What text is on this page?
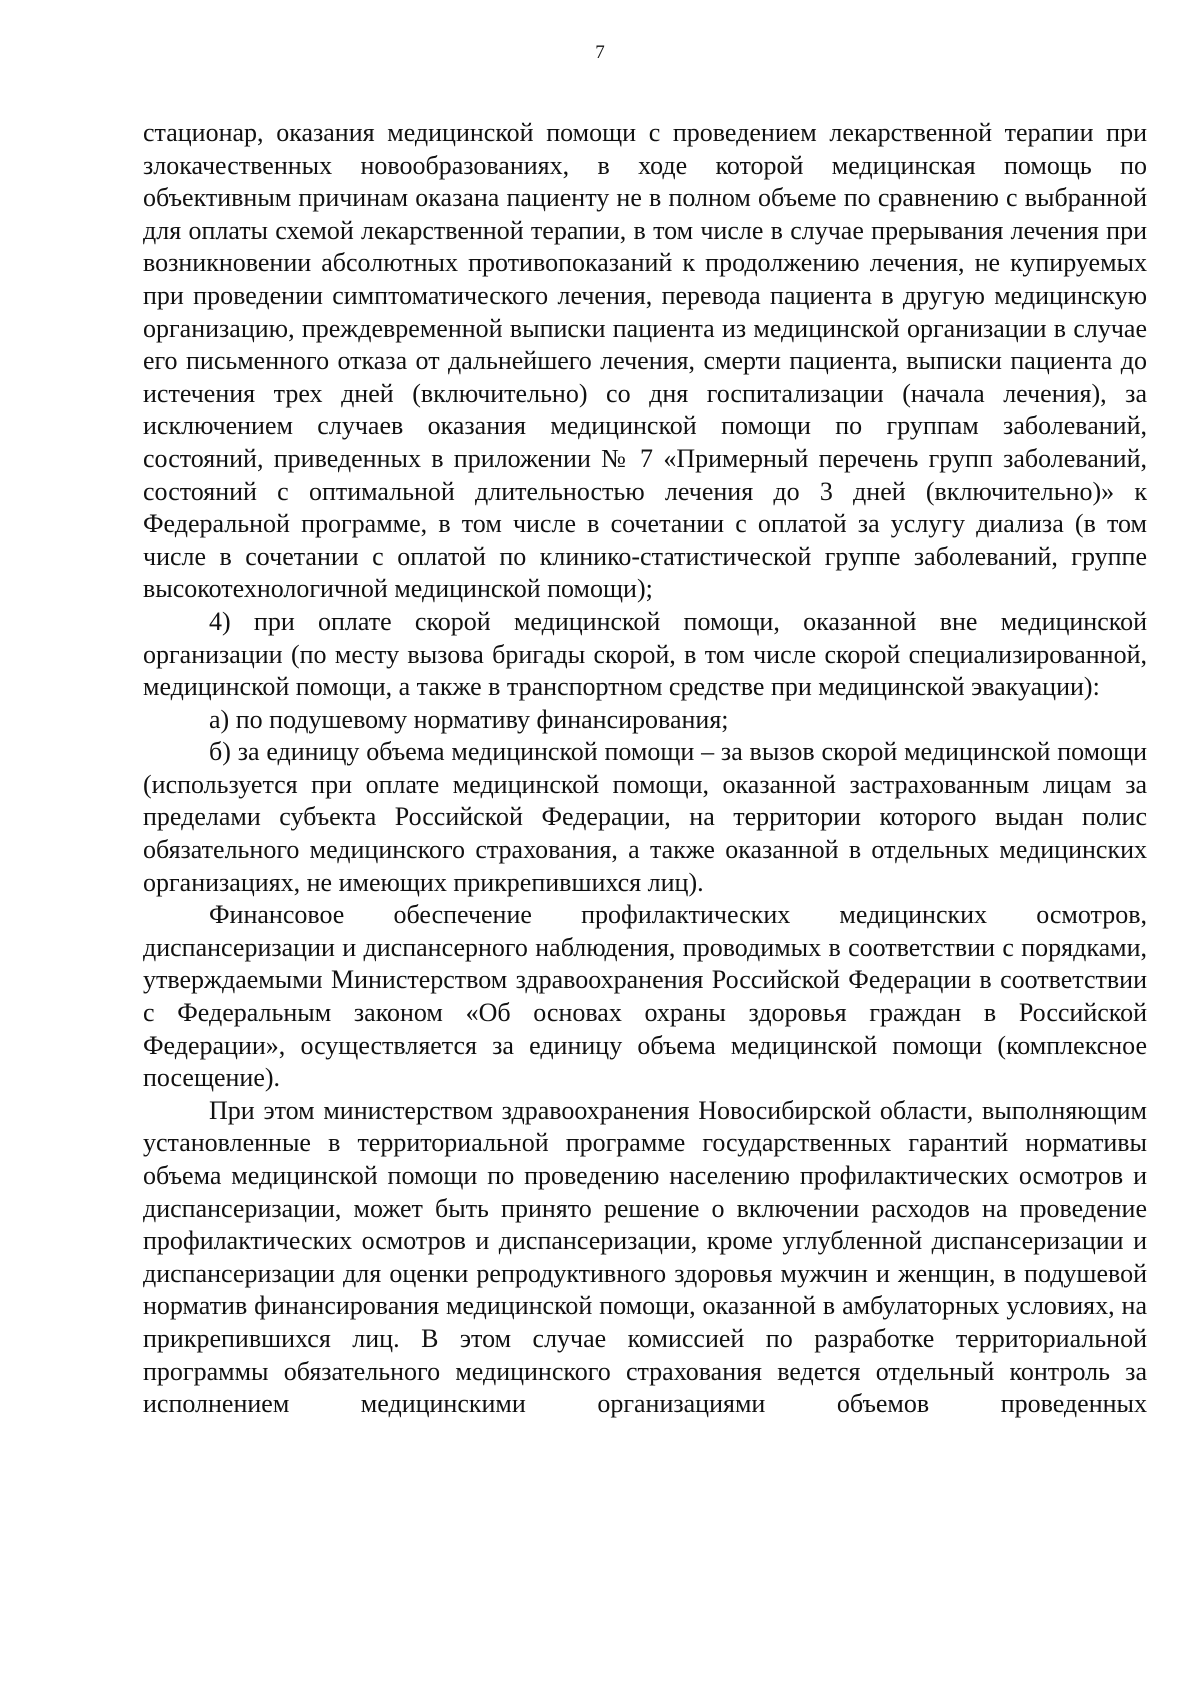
7

стационар, оказания медицинской помощи с проведением лекарственной терапии при злокачественных новообразованиях, в ходе которой медицинская помощь по объективным причинам оказана пациенту не в полном объеме по сравнению с выбранной для оплаты схемой лекарственной терапии, в том числе в случае прерывания лечения при возникновении абсолютных противопоказаний к продолжению лечения, не купируемых при проведении симптоматического лечения, перевода пациента в другую медицинскую организацию, преждевременной выписки пациента из медицинской организации в случае его письменного отказа от дальнейшего лечения, смерти пациента, выписки пациента до истечения трех дней (включительно) со дня госпитализации (начала лечения), за исключением случаев оказания медицинской помощи по группам заболеваний, состояний, приведенных в приложении № 7 «Примерный перечень групп заболеваний, состояний с оптимальной длительностью лечения до 3 дней (включительно)» к Федеральной программе, в том числе в сочетании с оплатой за услугу диализа (в том числе в сочетании с оплатой по клинико-статистической группе заболеваний, группе высокотехнологичной медицинской помощи);

4) при оплате скорой медицинской помощи, оказанной вне медицинской организации (по месту вызова бригады скорой, в том числе скорой специализированной, медицинской помощи, а также в транспортном средстве при медицинской эвакуации):

а) по подушевому нормативу финансирования;

б) за единицу объема медицинской помощи – за вызов скорой медицинской помощи (используется при оплате медицинской помощи, оказанной застрахованным лицам за пределами субъекта Российской Федерации, на территории которого выдан полис обязательного медицинского страхования, а также оказанной в отдельных медицинских организациях, не имеющих прикрепившихся лиц).

Финансовое обеспечение профилактических медицинских осмотров, диспансеризации и диспансерного наблюдения, проводимых в соответствии с порядками, утверждаемыми Министерством здравоохранения Российской Федерации в соответствии с Федеральным законом «Об основах охраны здоровья граждан в Российской Федерации», осуществляется за единицу объема медицинской помощи (комплексное посещение).

При этом министерством здравоохранения Новосибирской области, выполняющим установленные в территориальной программе государственных гарантий нормативы объема медицинской помощи по проведению населению профилактических осмотров и диспансеризации, может быть принято решение о включении расходов на проведение профилактических осмотров и диспансеризации, кроме углубленной диспансеризации и диспансеризации для оценки репродуктивного здоровья мужчин и женщин, в подушевой норматив финансирования медицинской помощи, оказанной в амбулаторных условиях, на прикрепившихся лиц. В этом случае комиссией по разработке территориальной программы обязательного медицинского страхования ведется отдельный контроль за исполнением медицинскими организациями объемов проведенных
